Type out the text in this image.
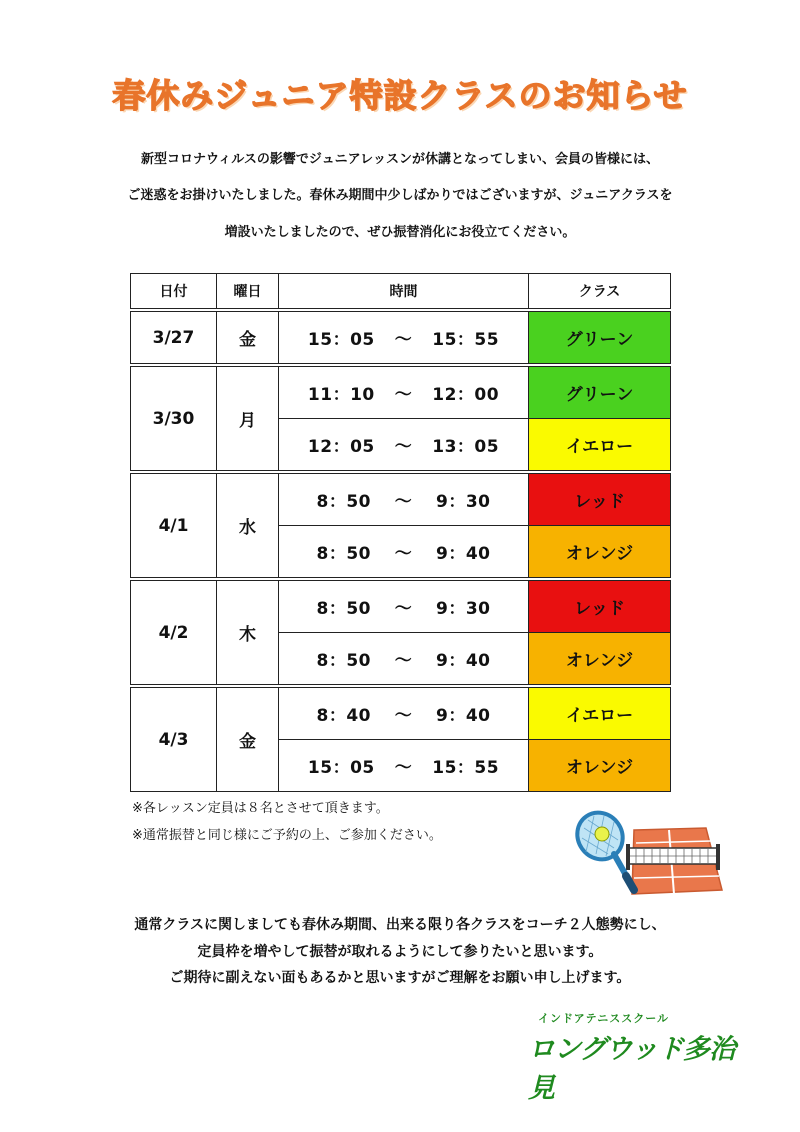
春休みジュニア特設クラスのお知らせ
新型コロナウィルスの影響でジュニアレッスンが休講となってしまい、会員の皆様には、
ご迷惑をお掛けいたしました。春休み期間中少しばかりではございますが、ジュニアクラスを
増設いたしましたので、ぜひ振替消化にお役立てください。
日付	曜日	時間	クラス

3/27	金	15：05 ～ 15：55	グリーン

3/30	月	11：10 ～ 12：00	グリーン
		12：05 ～ 13：05	イエロー

4/1	水	8：50 ～ 9：30	レッド
		8：50 ～ 9：40	オレンジ

4/2	木	8：50 ～ 9：30	レッド
		8：50 ～ 9：40	オレンジ

4/3	金	8：40 ～ 9：40	イエロー
		15：05 ～ 15：55	オレンジ
※各レッスン定員は８名とさせて頂きます。
※通常振替と同じ様にご予約の上、ご参加ください。
通常クラスに関しましても春休み期間、出来る限り各クラスをコーチ２人態勢にし、
定員枠を増やして振替が取れるようにして参りたいと思います。
ご期待に副えない面もあるかと思いますがご理解をお願い申し上げます。
インドアテニススクール
ロングウッド多治見
